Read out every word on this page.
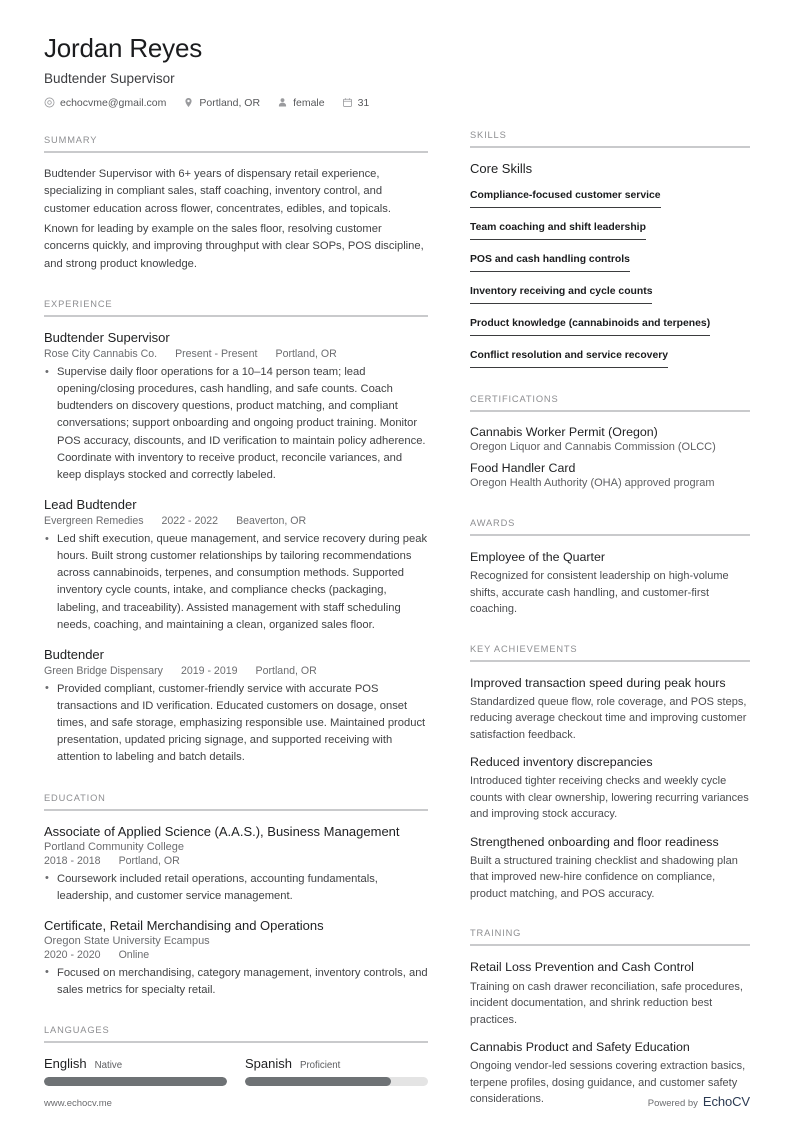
Jordan Reyes
Budtender Supervisor
echocvme@gmail.com	Portland, OR	female	31
SUMMARY

Budtender Supervisor with 6+ years of dispensary retail experience, specializing in compliant sales, staff coaching, inventory control, and customer education across flower, concentrates, edibles, and topicals.

Known for leading by example on the sales floor, resolving customer concerns quickly, and improving throughput with clear SOPs, POS discipline, and strong product knowledge.

EXPERIENCE
Budtender Supervisor
Rose City Cannabis Co. Present - Present Portland, OR
• Supervise daily floor operations for a 10–14 person team; lead opening/closing procedures, cash handling, and safe counts. Coach budtenders on discovery questions, product matching, and compliant conversations; support onboarding and ongoing product training. Monitor POS accuracy, discounts, and ID verification to maintain policy adherence. Coordinate with inventory to receive product, reconcile variances, and keep displays stocked and correctly labeled.
Lead Budtender
Evergreen Remedies 2022 - 2022 Beaverton, OR
• Led shift execution, queue management, and service recovery during peak hours. Built strong customer relationships by tailoring recommendations across cannabinoids, terpenes, and consumption methods. Supported inventory cycle counts, intake, and compliance checks (packaging, labeling, and traceability). Assisted management with staff scheduling needs, coaching, and maintaining a clean, organized sales floor.
Budtender
Green Bridge Dispensary 2019 - 2019 Portland, OR
• Provided compliant, customer-friendly service with accurate POS transactions and ID verification. Educated customers on dosage, onset times, and safe storage, emphasizing responsible use. Maintained product presentation, updated pricing signage, and supported receiving with attention to labeling and batch details.
EDUCATION
Associate of Applied Science (A.A.S.), Business Management
Portland Community College
2018 - 2018 Portland, OR
• Coursework included retail operations, accounting fundamentals, leadership, and customer service management.
Certificate, Retail Merchandising and Operations
Oregon State University Ecampus
2020 - 2020 Online
• Focused on merchandising, category management, inventory controls, and sales metrics for specialty retail.
LANGUAGES
English Native	Spanish Proficient
SKILLS
Core Skills
Compliance-focused customer service
Team coaching and shift leadership
POS and cash handling controls
Inventory receiving and cycle counts
Product knowledge (cannabinoids and terpenes)
Conflict resolution and service recovery
CERTIFICATIONS
Cannabis Worker Permit (Oregon)
Oregon Liquor and Cannabis Commission (OLCC)
Food Handler Card
Oregon Health Authority (OHA) approved program
AWARDS
Employee of the Quarter
Recognized for consistent leadership on high-volume shifts, accurate cash handling, and customer-first coaching.
KEY ACHIEVEMENTS
Improved transaction speed during peak hours
Standardized queue flow, role coverage, and POS steps, reducing average checkout time and improving customer satisfaction feedback.
Reduced inventory discrepancies
Introduced tighter receiving checks and weekly cycle counts with clear ownership, lowering recurring variances and improving stock accuracy.
Strengthened onboarding and floor readiness
Built a structured training checklist and shadowing plan that improved new-hire confidence on compliance, product matching, and POS accuracy.
TRAINING
Retail Loss Prevention and Cash Control
Training on cash drawer reconciliation, safe procedures, incident documentation, and shrink reduction best practices.
Cannabis Product and Safety Education
Ongoing vendor-led sessions covering extraction basics, terpene profiles, dosing guidance, and customer safety considerations.
www.echocv.me	Powered by EchoCV
